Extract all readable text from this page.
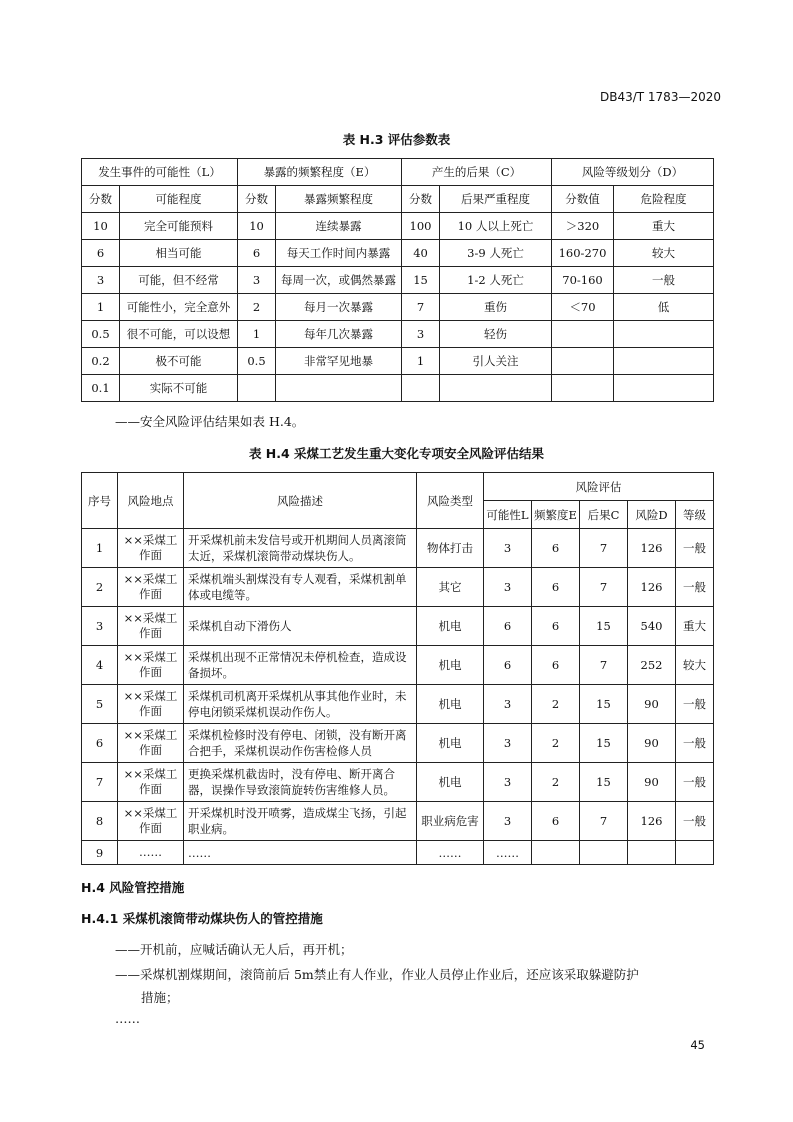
DB43/T 1783—2020
表 H.3 评估参数表
发生事件的可能性（L）		暴露的频繁程度（E）		产生的后果（C）		风险等级划分（D）	
分数	可能程度	分数	暴露频繁程度	分数	后果严重程度	分数值	危险程度
10	完全可能预料	10	连续暴露	100	10 人以上死亡	＞320	重大
6	相当可能	6	每天工作时间内暴露	40	3-9 人死亡	160-270	较大
3	可能，但不经常	3	每周一次，或偶然暴露	15	1-2 人死亡	70-160	一般
1	可能性小，完全意外	2	每月一次暴露	7	重伤	＜70	低
0.5	很不可能，可以设想	1	每年几次暴露	3	轻伤		
0.2	极不可能	0.5	非常罕见地暴	1	引人关注		
0.1	实际不可能						
——安全风险评估结果如表 H.4。
表 H.4 采煤工艺发生重大变化专项安全风险评估结果
序号	风险地点	风险描述	风险类型	风险评估				
				可能性L	频繁度E	后果C	风险D	等级
1	××采煤工作面	开采煤机前未发信号或开机期间人员离滚筒太近，采煤机滚筒带动煤块伤人。	物体打击	3	6	7	126	一般
2	××采煤工作面	采煤机端头割煤没有专人观看，采煤机割单体或电缆等。	其它	3	6	7	126	一般
3	××采煤工作面	采煤机自动下滑伤人	机电	6	6	15	540	重大
4	××采煤工作面	采煤机出现不正常情况未停机检查，造成设备损坏。	机电	6	6	7	252	较大
5	××采煤工作面	采煤机司机离开采煤机从事其他作业时，未停电闭锁采煤机误动作伤人。	机电	3	2	15	90	一般
6	××采煤工作面	采煤机检修时没有停电、闭锁，没有断开离合把手，采煤机误动作伤害检修人员	机电	3	2	15	90	一般
7	××采煤工作面	更换采煤机截齿时，没有停电、断开离合器，误操作导致滚筒旋转伤害维修人员。	机电	3	2	15	90	一般
8	××采煤工作面	开采煤机时没开喷雾，造成煤尘飞扬，引起职业病。	职业病危害	3	6	7	126	一般
9	……	……	……	……				
H.4 风险管控措施
H.4.1 采煤机滚筒带动煤块伤人的管控措施
——开机前，应喊话确认无人后，再开机；
——采煤机割煤期间，滚筒前后 5m禁止有人作业，作业人员停止作业后，还应该采取躲避防护
措施；
……
45
